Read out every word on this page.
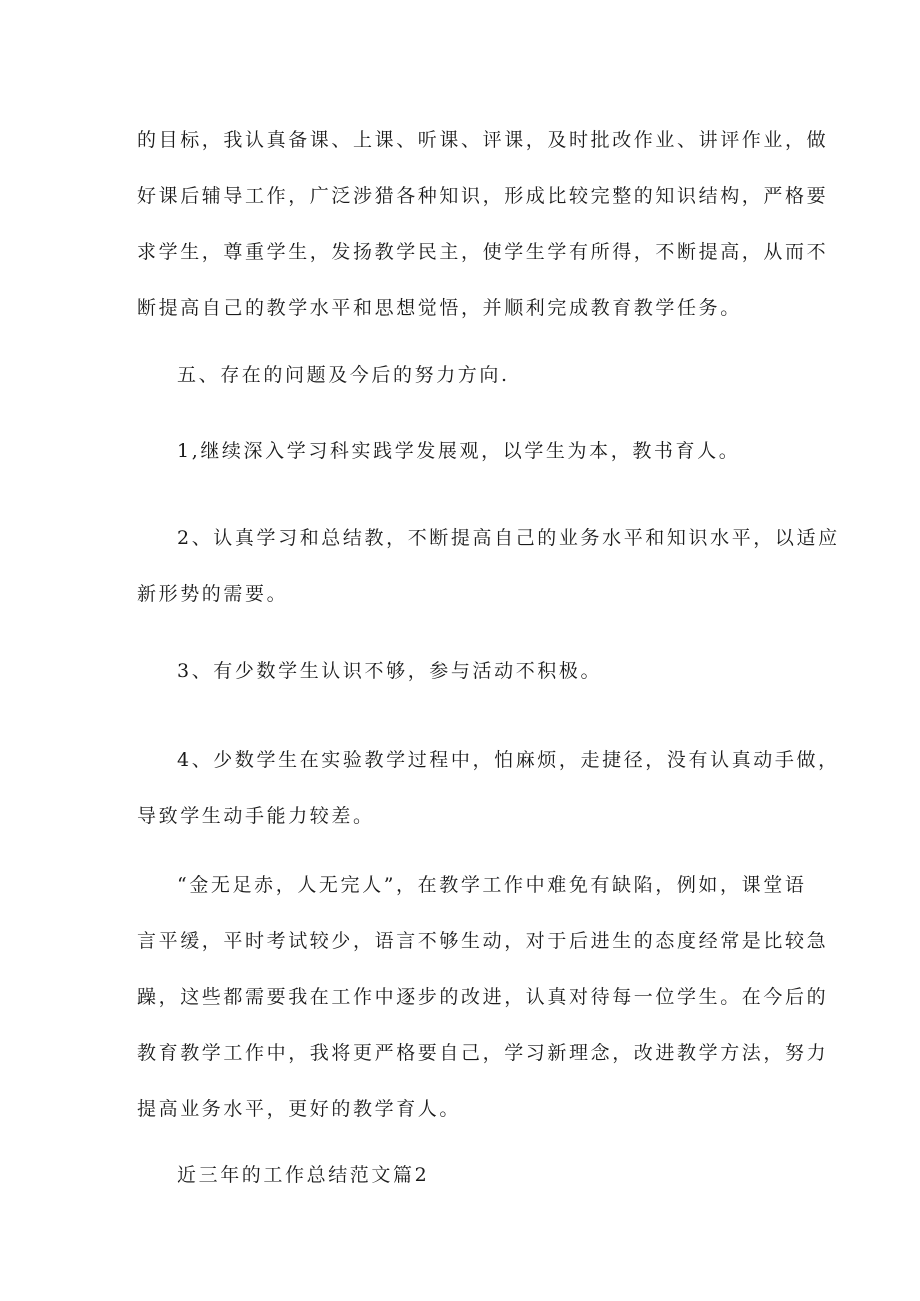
的目标，我认真备课、上课、听课、评课，及时批改作业、讲评作业，做
好课后辅导工作，广泛涉猎各种知识，形成比较完整的知识结构，严格要
求学生，尊重学生，发扬教学民主，使学生学有所得，不断提高，从而不
断提高自己的教学水平和思想觉悟，并顺利完成教育教学任务。
五、存在的问题及今后的努力方向.
1,继续深入学习科实践学发展观，以学生为本，教书育人。
2、认真学习和总结教，不断提高自己的业务水平和知识水平，以适应
新形势的需要。
3、有少数学生认识不够，参与活动不积极。
4、少数学生在实验教学过程中，怕麻烦，走捷径，没有认真动手做，
导致学生动手能力较差。
“金无足赤，人无完人”，在教学工作中难免有缺陷，例如，课堂语
言平缓，平时考试较少，语言不够生动，对于后进生的态度经常是比较急
躁，这些都需要我在工作中逐步的改进，认真对待每一位学生。在今后的
教育教学工作中，我将更严格要自己，学习新理念，改进教学方法，努力
提高业务水平，更好的教学育人。
近三年的工作总结范文篇2
